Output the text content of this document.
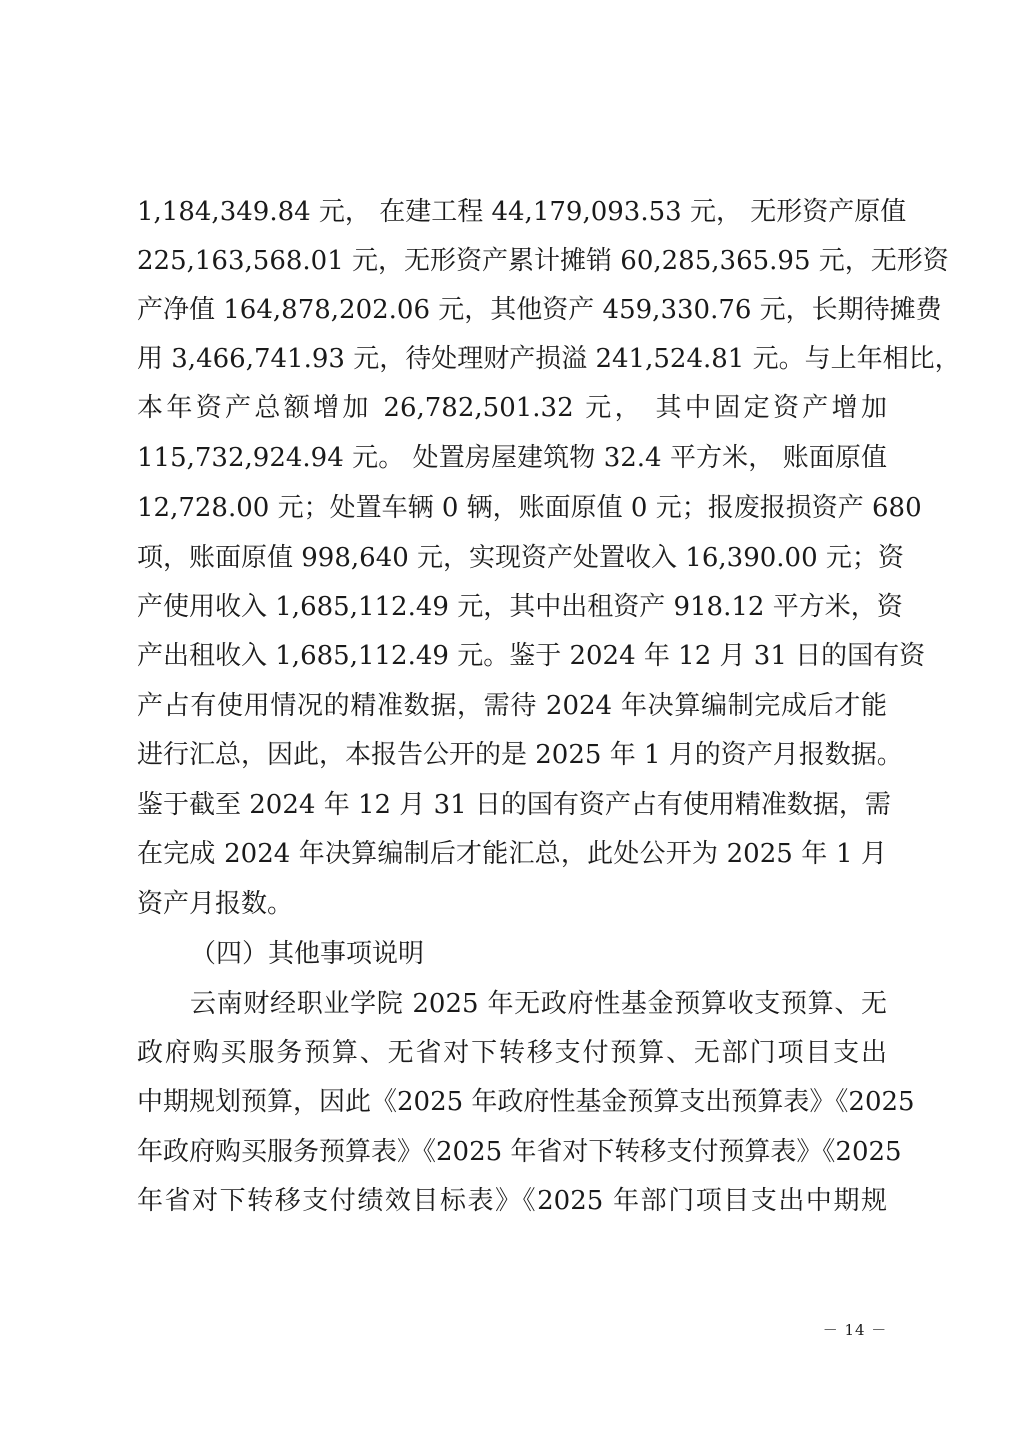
1,184,349.84 元， 在建工程 44,179,093.53 元， 无形资产原值
225,163,568.01 元，无形资产累计摊销 60,285,365.95 元，无形资
产净值 164,878,202.06 元，其他资产 459,330.76 元，长期待摊费
用 3,466,741.93 元，待处理财产损溢 241,524.81 元。与上年相比，
本年资产总额增加 26,782,501.32 元， 其中固定资产增加
115,732,924.94 元。 处置房屋建筑物 32.4 平方米， 账面原值
12,728.00 元；处置车辆 0 辆，账面原值 0 元；报废报损资产 680
项，账面原值 998,640 元，实现资产处置收入 16,390.00 元；资
产使用收入 1,685,112.49 元，其中出租资产 918.12 平方米，资
产出租收入 1,685,112.49 元。鉴于 2024 年 12 月 31 日的国有资
产占有使用情况的精准数据，需待 2024 年决算编制完成后才能
进行汇总，因此，本报告公开的是 2025 年 1 月的资产月报数据。
鉴于截至 2024 年 12 月 31 日的国有资产占有使用精准数据，需
在完成 2024 年决算编制后才能汇总，此处公开为 2025 年 1 月
资产月报数。
（四）其他事项说明
云南财经职业学院 2025 年无政府性基金预算收支预算、无
政府购买服务预算、无省对下转移支付预算、无部门项目支出
中期规划预算，因此《2025 年政府性基金预算支出预算表》《2025
年政府购买服务预算表》《2025 年省对下转移支付预算表》《2025
年省对下转移支付绩效目标表》《2025 年部门项目支出中期规
－ 14 －
